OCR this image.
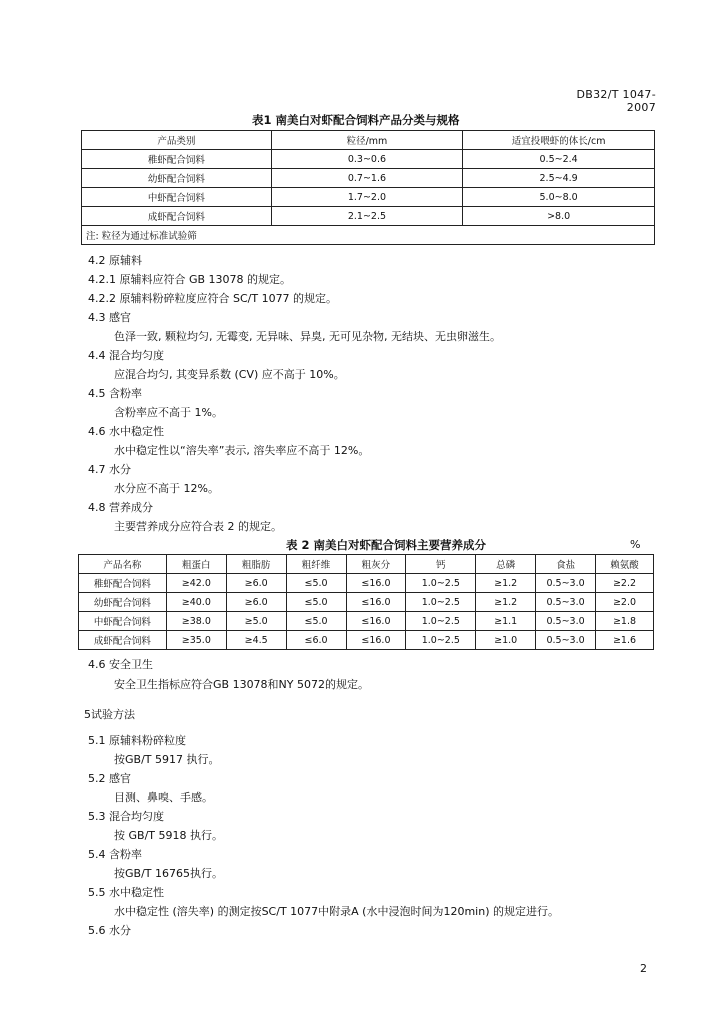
DB32/T 1047- 2007
表1 南美白对虾配合饲料产品分类与规格
产品类别	粒径/mm	适宜投喂虾的体长/cm
稚虾配合饲料	0.3~0.6	0.5~2.4
幼虾配合饲料	0.7~1.6	2.5~4.9
中虾配合饲料	1.7~2.0	5.0~8.0
成虾配合饲料	2.1~2.5	>8.0
注: 粒径为通过标准试验筛		
4.2 原辅料
4.2.1 原辅料应符合 GB 13078 的规定。
4.2.2 原辅料粉碎粒度应符合 SC/T 1077 的规定。
4.3 感官
色泽一致, 颗粒均匀, 无霉变, 无异味、异臭, 无可见杂物, 无结块、无虫卵滋生。
4.4 混合均匀度
应混合均匀, 其变异系数 (CV) 应不高于 10%。
4.5 含粉率
含粉率应不高于 1%。
4.6 水中稳定性
水中稳定性以“溶失率”表示, 溶失率应不高于 12%。
4.7 水分
水分应不高于 12%。
4.8 营养成分
主要营养成分应符合表 2 的规定。
表 2 南美白对虾配合饲料主要营养成分	%
产品名称	粗蛋白	粗脂肪	粗纤维	粗灰分	钙	总磷	食盐	赖氨酸
稚虾配合饲料	≥42.0	≥6.0	≤5.0	≤16.0	1.0~2.5	≥1.2	0.5~3.0	≥2.2
幼虾配合饲料	≥40.0	≥6.0	≤5.0	≤16.0	1.0~2.5	≥1.2	0.5~3.0	≥2.0
中虾配合饲料	≥38.0	≥5.0	≤5.0	≤16.0	1.0~2.5	≥1.1	0.5~3.0	≥1.8
成虾配合饲料	≥35.0	≥4.5	≤6.0	≤16.0	1.0~2.5	≥1.0	0.5~3.0	≥1.6
4.6 安全卫生
安全卫生指标应符合GB 13078和NY 5072的规定。
5试验方法
5.1 原辅料粉碎粒度
按GB/T 5917 执行。
5.2 感官
目测、鼻嗅、手感。
5.3 混合均匀度
按 GB/T 5918 执行。
5.4 含粉率
按GB/T 16765执行。
5.5 水中稳定性
水中稳定性 (溶失率) 的测定按SC/T 1077中附录A (水中浸泡时间为120min) 的规定进行。
5.6 水分
2
